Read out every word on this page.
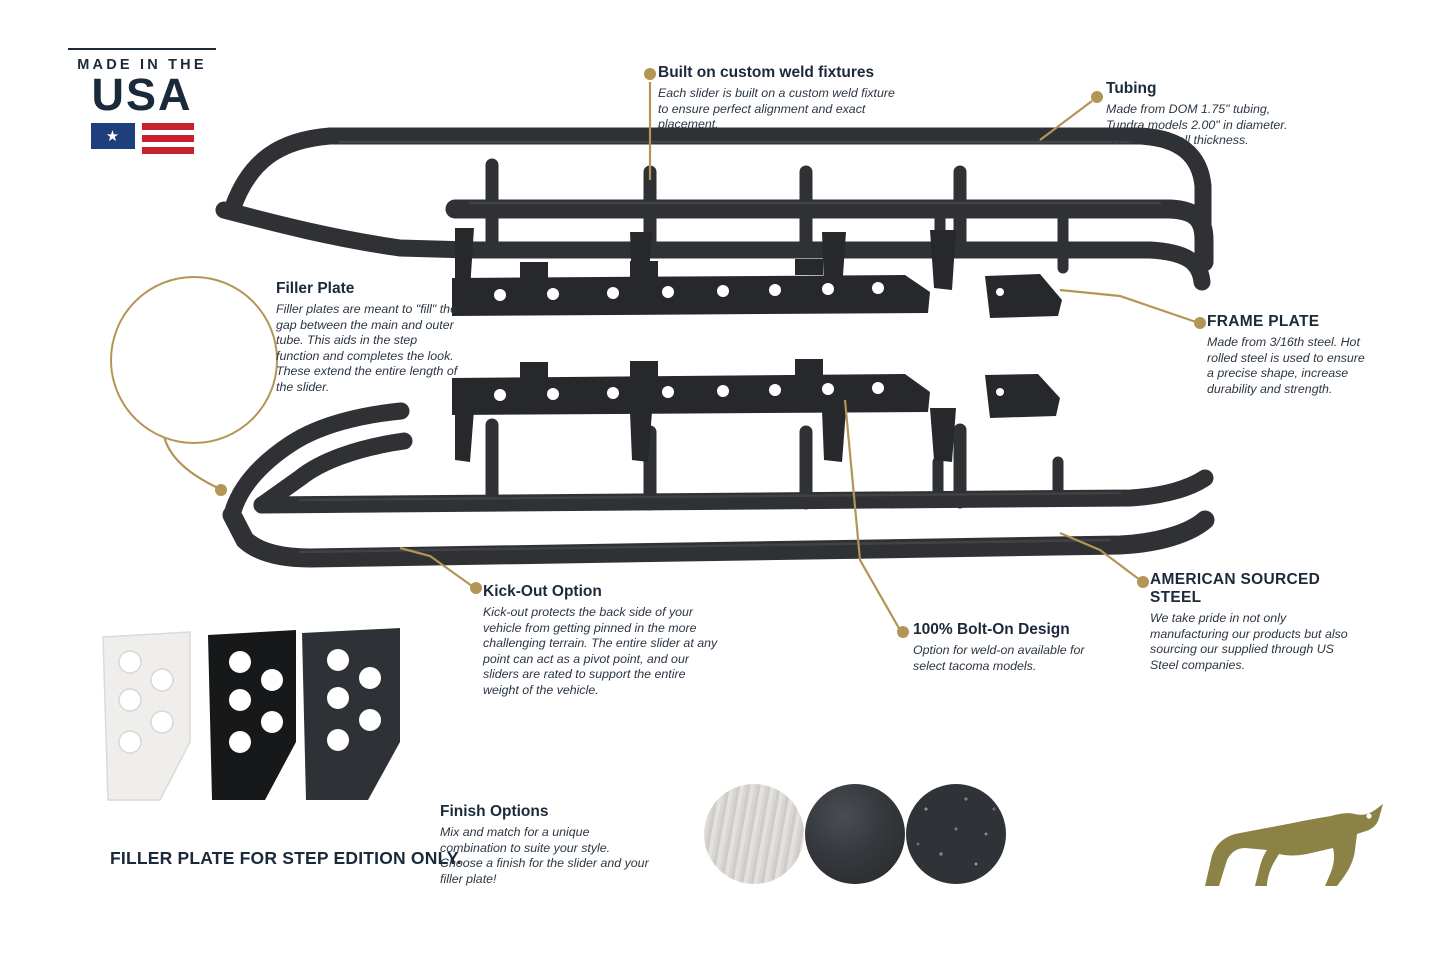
MADE IN THE
USA
★

Built on custom weld fixtures

Each slider is built on a custom weld fixture to ensure perfect alignment and exact placement.

Tubing

Made from DOM 1.75" tubing, Tundra models 2.00" in diameter. .120" Tube wall thickness.

FRAME PLATE

Made from 3/16th steel. Hot rolled steel is used to ensure a precise shape, increase durability and strength.

Filler Plate

Filler plates are meant to "fill" the gap between the main and outer tube. This aids in the step function and completes the look. These extend the entire length of the slider.

Kick-Out Option

Kick-out protects the back side of your vehicle from getting pinned in the more challenging terrain. The entire slider at any point can act as a pivot point, and our sliders are rated to support the entire weight of the vehicle.

100% Bolt-On Design

Option for weld-on available for select tacoma models.

AMERICAN SOURCED STEEL

We take pride in not only manufacturing our products but also sourcing our supplied through US Steel companies.

Finish Options

Mix and match for a unique combination to suite your style. Choose a finish for the slider and your filler plate!

FILLER PLATE FOR STEP EDITION ONLY.
